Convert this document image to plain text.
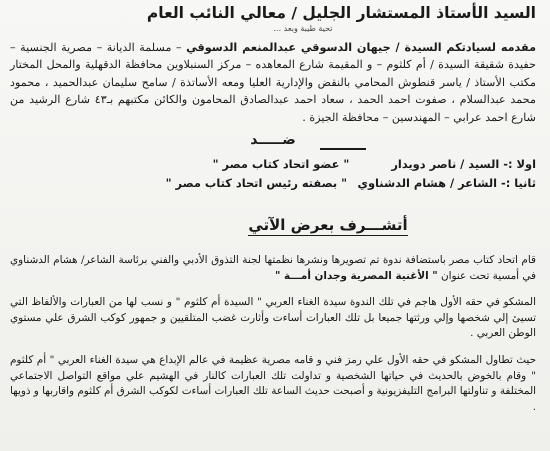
السيد الأستاذ المستشار الجليل / معالي النائب العام
تحية طيبة وبعد ...

مقدمه لسيادتكم السيدة / جيهان الدسوقي عبدالمنعم الدسوقي – مسلمة الديانة – مصرية الجنسية – حفيدة شقيقة السيدة / أم كلثوم – و المقيمة شارع المعاهده – مركز السنبلاوين محافظة الدقهلية والمحل المختار مكتب الأستاذ / ياسر قنطوش المحامي بالنقض والإدارية العليا ومعه الأساتذة / سامح سليمان عبدالحميد ، محمود محمد عبدالسلام ، صفوت احمد الحمد ، سعاد احمد عبدالصادق المحامون والكائن مكتبهم بـ٤٣ شارع الرشيد من شارع احمد عرابي – المهندسين – محافظة الجيزة .

ضـــــد

اولا :- السيد / ناصر دويدار " عضو اتحاد كتاب مصر "

ثانيا :- الشاعر / هشام الدشناوي " بصفته رئيس اتحاد كتاب مصر "

أتشـــرف بعرض الآتي

قام اتحاد كتاب مصر باستضافة ندوة تم تصويرها ونشرها نظمتها لجنة التذوق الأدبي والفني برئاسة الشاعر/ هشام الدشناوي في أمسية تحت عنوان " الأغنية المصرية وجدان أمـــة "

المشكو في حقه الأول هاجم في تلك الندوة سيدة الغناء العربي " السيدة أم كلثوم " و نسب لها من العبارات والألفاظ التي تسيئ إلي شخصها وإلي ورثتها جميعا بل تلك العبارات أساءت وأثارت غضب المتلقيين و جمهور كوكب الشرق علي مستوي الوطن العربي .

حيث تطاول المشكو في حقه الأول علي رمز فني و قامه مصرية عظيمة في عالم الإبداع هي سيدة الغناء العربي " أم كلثوم " وقام بالخوض بالحديث في حياتها الشخصية و تداولت تلك العبارات كالنار في الهشيم علي مواقع التواصل الاجتماعي المختلفة و تناولتها البرامج التليفزيونية و أصبحت حديث الساعة تلك العبارات أساءت لكوكب الشرق أم كلثوم واقاربها و ذويها .
